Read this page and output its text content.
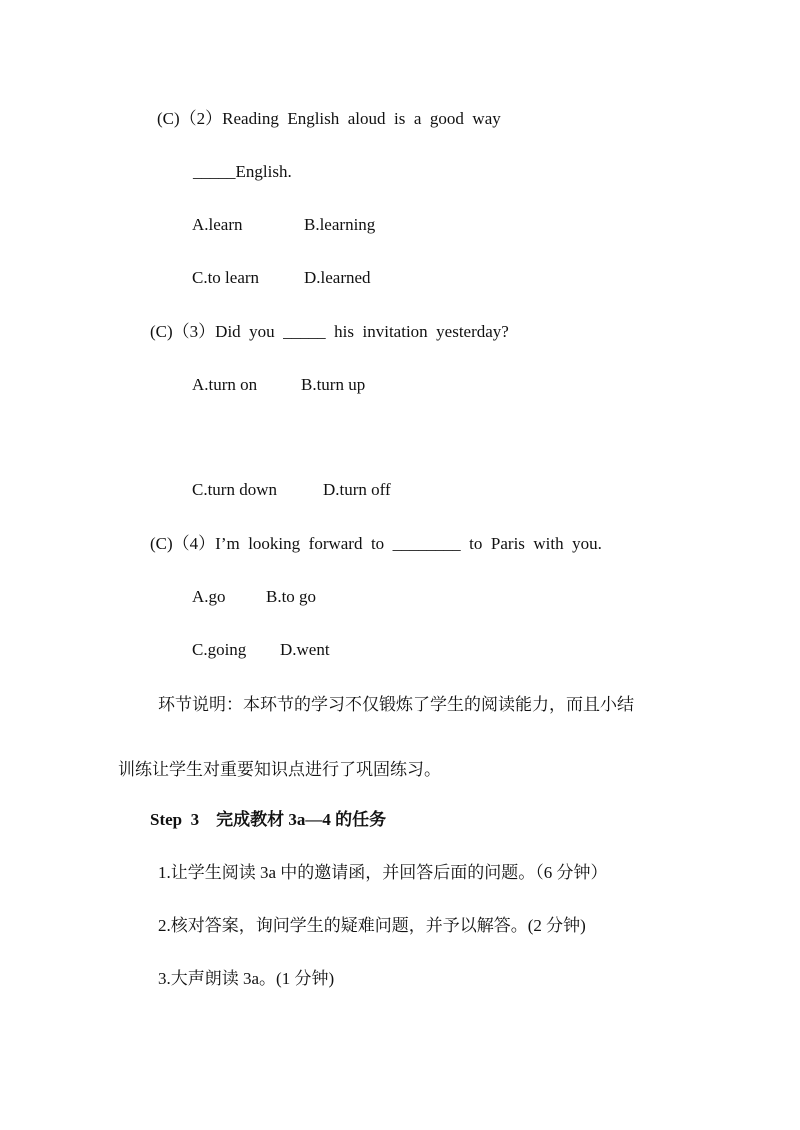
(C)（2）Reading  English  aloud  is  a  good  way
_____English.
A.learn	B.learning
C.to learn	D.learned
(C)（3）Did  you  _____  his  invitation  yesterday?
A.turn on	B.turn up
C.turn down	D.turn off
(C)（4）I’m  looking  forward  to  ________  to  Paris  with  you.
A.go B.to go
C.going D.went
环节说明：本环节的学习不仅锻炼了学生的阅读能力，而且小结
训练让学生对重要知识点进行了巩固练习。
Step  3    完成教材 3a—4 的任务
1.让学生阅读 3a 中的邀请函，并回答后面的问题。（6 分钟）
2.核对答案，询问学生的疑难问题，并予以解答。(2 分钟)
3.大声朗读 3a。(1 分钟)
